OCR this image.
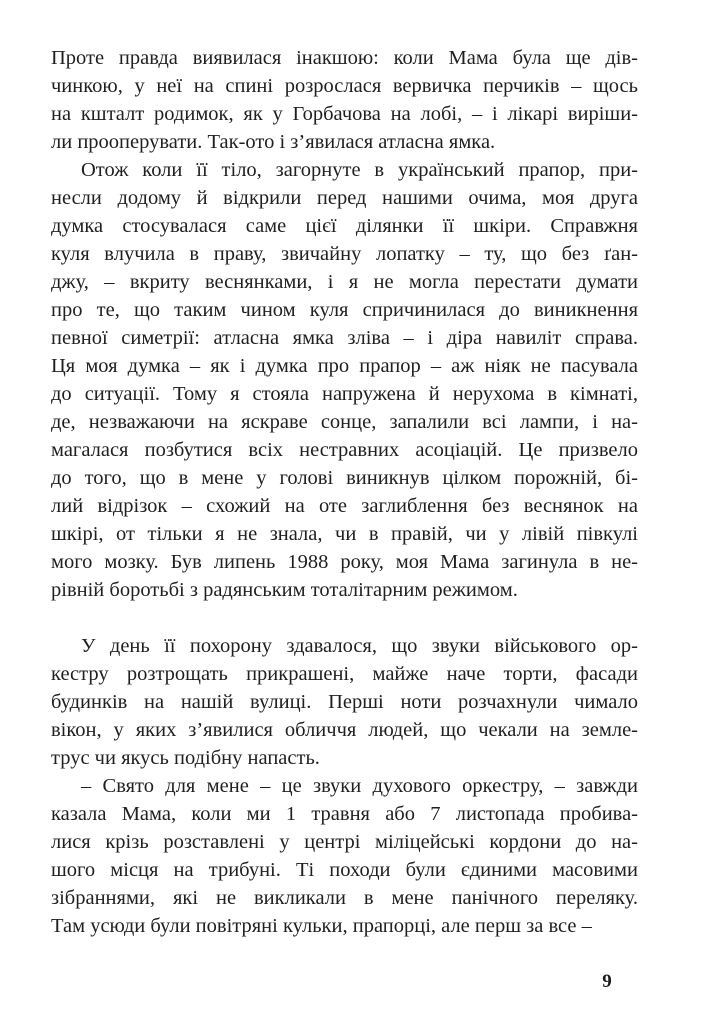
Проте правда виявилася інакшою: коли Мама була ще дів-
чинкою, у неї на спині розрослася вервичка перчиків – щось
на кшталт родимок, як у Горбачова на лобі, – і лікарі виріши-
ли прооперувати. Так-ото і з’явилася атласна ямка.
Отож коли її тіло, загорнуте в український прапор, при-
несли додому й відкрили перед нашими очима, моя друга
думка стосувалася саме цієї ділянки її шкіри. Справжня
куля влучила в праву, звичайну лопатку – ту, що без ґан-
джу, – вкриту веснянками, і я не могла перестати думати
про те, що таким чином куля спричинилася до виникнення
певної симетрії: атласна ямка зліва – і діра навиліт справа.
Ця моя думка – як і думка про прапор – аж ніяк не пасувала
до ситуації. Тому я стояла напружена й нерухома в кімнаті,
де, незважаючи на яскраве сонце, запалили всі лампи, і на-
магалася позбутися всіх нестравних асоціацій. Це призвело
до того, що в мене у голові виникнув цілком порожній, бі-
лий відрізок – схожий на оте заглиблення без веснянок на
шкірі, от тільки я не знала, чи в правій, чи у лівій півкулі
мого мозку. Був липень 1988 року, моя Мама загинула в не-
рівній боротьбі з радянським тоталітарним режимом.
У день її похорону здавалося, що звуки військового ор-
кестру розтрощать прикрашені, майже наче торти, фасади
будинків на нашій вулиці. Перші ноти розчахнули чимало
вікон, у яких з’явилися обличчя людей, що чекали на земле-
трус чи якусь подібну напасть.
– Свято для мене – це звуки духового оркестру, – завжди
казала Мама, коли ми 1 травня або 7 листопада пробива-
лися крізь розставлені у центрі міліцейські кордони до на-
шого місця на трибуні. Ті походи були єдиними масовими
зібраннями, які не викликали в мене панічного переляку.
Там усюди були повітряні кульки, прапорці, але перш за все –
9
